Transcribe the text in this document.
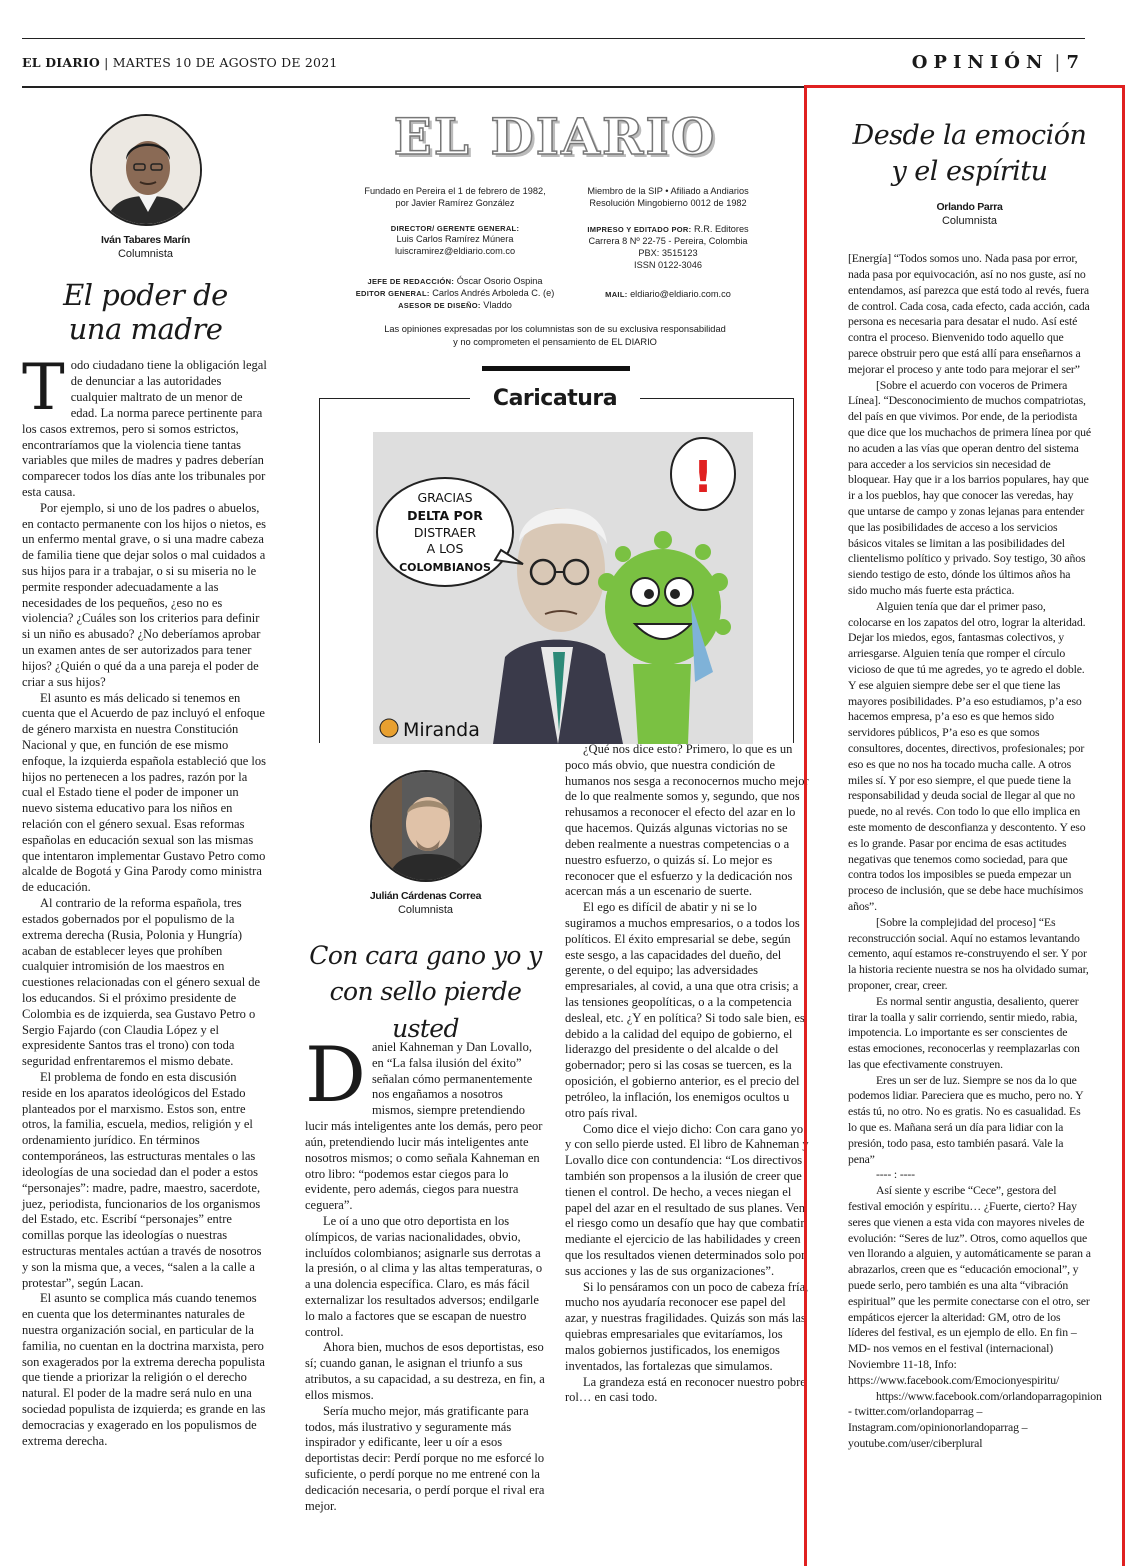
EL DIARIO | MARTES 10 DE AGOSTO DE 2021	OPINIÓN | 7
Iván Tabares Marín
Columnista
El poder de
una madre

Todo ciudadano tiene la obligación legal de denunciar a las autoridades cualquier maltrato de un menor de edad. La norma parece pertinente para los casos extremos, pero si somos estrictos, encontraríamos que la violencia tiene tantas variables que miles de madres y padres deberían comparecer todos los días ante los tribunales por esta causa.

Por ejemplo, si uno de los padres o abuelos, en contacto permanente con los hijos o nietos, es un enfermo mental grave, o si una madre cabeza de familia tiene que dejar solos o mal cuidados a sus hijos para ir a trabajar, o si su miseria no le permite responder adecuadamente a las necesidades de los pequeños, ¿eso no es violencia? ¿Cuáles son los criterios para definir si un niño es abusado? ¿No deberíamos aprobar un examen antes de ser autorizados para tener hijos? ¿Quién o qué da a una pareja el poder de criar a sus hijos?

El asunto es más delicado si tenemos en cuenta que el Acuerdo de paz incluyó el enfoque de género marxista en nuestra Constitución Nacional y que, en función de ese mismo enfoque, la izquierda española estableció que los hijos no pertenecen a los padres, razón por la cual el Estado tiene el poder de imponer un nuevo sistema educativo para los niños en relación con el género sexual. Esas reformas españolas en educación sexual son las mismas que intentaron implementar Gustavo Petro como alcalde de Bogotá y Gina Parody como ministra de educación.

Al contrario de la reforma española, tres estados gobernados por el populismo de la extrema derecha (Rusia, Polonia y Hungría) acaban de establecer leyes que prohíben cualquier intromisión de los maestros en cuestiones relacionadas con el género sexual de los educandos. Si el próximo presidente de Colombia es de izquierda, sea Gustavo Petro o Sergio Fajardo (con Claudia López y el expresidente Santos tras el trono) con toda seguridad enfrentaremos el mismo debate.

El problema de fondo en esta discusión reside en los aparatos ideológicos del Estado planteados por el marxismo. Estos son, entre otros, la familia, escuela, medios, religión y el ordenamiento jurídico. En términos contemporáneos, las estructuras mentales o las ideologías de una sociedad dan el poder a estos “personajes”: madre, padre, maestro, sacerdote, juez, periodista, funcionarios de los organismos del Estado, etc. Escribí “personajes” entre comillas porque las ideologías o nuestras estructuras mentales actúan a través de nosotros y son la misma que, a veces, “salen a la calle a protestar”, según Lacan.

El asunto se complica más cuando tenemos en cuenta que los determinantes naturales de nuestra organización social, en particular de la familia, no cuentan en la doctrina marxista, pero son exagerados por la extrema derecha populista que tiende a priorizar la religión o el derecho natural. El poder de la madre será nulo en una sociedad populista de izquierda; es grande en las democracias y exagerado en los populismos de extrema derecha.

EL DIARIO
Fundado en Pereira el 1 de febrero de 1982,
por Javier Ramírez González
Miembro de la SIP • Afiliado a Andiarios
Resolución Mingobierno 0012 de 1982
DIRECTOR/ GERENTE GENERAL:
Luis Carlos Ramírez Múnera
luiscramirez@eldiario.com.co
IMPRESO Y EDITADO POR: R.R. Editores
Carrera 8 Nº 22-75 - Pereira, Colombia
PBX: 3515123
ISSN 0122-3046
JEFE DE REDACCIÓN: Óscar Osorio Ospina
EDITOR GENERAL: Carlos Andrés Arboleda C. (e)
ASESOR DE DISEÑO: Vladdo
MAIL: eldiario@eldiario.com.co
Las opiniones expresadas por los columnistas son de su exclusiva responsabilidad
y no comprometen el pensamiento de EL DIARIO
Caricatura
GRACIAS
DELTA POR
DISTRAER
A LOS
COLOMBIANOS
!
Miranda
Julián Cárdenas Correa
Columnista
Con cara gano yo y
con sello pierde usted

Daniel Kahneman y Dan Lovallo, en “La falsa ilusión del éxito” señalan cómo permanentemente nos engañamos a nosotros mismos, siempre pretendiendo lucir más inteligentes ante los demás, pero peor aún, pretendiendo lucir más inteligentes ante nosotros mismos; o como señala Kahneman en otro libro: “podemos estar ciegos para lo evidente, pero además, ciegos para nuestra ceguera”.

Le oí a uno que otro deportista en los olímpicos, de varias nacionalidades, obvio, incluídos colombianos; asignarle sus derrotas a la presión, o al clima y las altas temperaturas, o a una dolencia específica. Claro, es más fácil externalizar los resultados adversos; endilgarle lo malo a factores que se escapan de nuestro control.

Ahora bien, muchos de esos deportistas, eso sí; cuando ganan, le asignan el triunfo a sus atributos, a su capacidad, a su destreza, en fin, a ellos mismos.

Sería mucho mejor, más gratificante para todos, más ilustrativo y seguramente más inspirador y edificante, leer u oír a esos deportistas decir: Perdí porque no me esforcé lo suficiente, o perdí porque no me entrené con la dedicación necesaria, o perdí porque el rival era mejor.

¿Qué nos dice esto? Primero, lo que es un poco más obvio, que nuestra condición de humanos nos sesga a reconocernos mucho mejor de lo que realmente somos y, segundo, que nos rehusamos a reconocer el efecto del azar en lo que hacemos. Quizás algunas victorias no se deben realmente a nuestras competencias o a nuestro esfuerzo, o quizás sí. Lo mejor es reconocer que el esfuerzo y la dedicación nos acercan más a un escenario de suerte.

El ego es difícil de abatir y ni se lo sugiramos a muchos empresarios, o a todos los políticos. El éxito empresarial se debe, según este sesgo, a las capacidades del dueño, del gerente, o del equipo; las adversidades empresariales, al covid, a una que otra crisis; a las tensiones geopolíticas, o a la competencia desleal, etc. ¿Y en política? Si todo sale bien, es debido a la calidad del equipo de gobierno, el liderazgo del presidente o del alcalde o del gobernador; pero si las cosas se tuercen, es la oposición, el gobierno anterior, es el precio del petróleo, la inflación, los enemigos ocultos u otro país rival.

Como dice el viejo dicho: Con cara gano yo y con sello pierde usted. El libro de Kahneman y Lovallo dice con contundencia: “Los directivos también son propensos a la ilusión de creer que tienen el control. De hecho, a veces niegan el papel del azar en el resultado de sus planes. Ven el riesgo como un desafío que hay que combatir mediante el ejercicio de las habilidades y creen que los resultados vienen determinados solo por sus acciones y las de sus organizaciones”.

Si lo pensáramos con un poco de cabeza fría, mucho nos ayudaría reconocer ese papel del azar, y nuestras fragilidades. Quizás son más las quiebras empresariales que evitaríamos, los malos gobiernos justificados, los enemigos inventados, las fortalezas que simulamos.

La grandeza está en reconocer nuestro pobre rol… en casi todo.

Desde la emoción
y el espíritu
Orlando Parra
Columnista

[Energía] “Todos somos uno. Nada pasa por error, nada pasa por equivocación, así no nos guste, así no entendamos, así parezca que está todo al revés, fuera de control. Cada cosa, cada efecto, cada acción, cada persona es necesaria para desatar el nudo. Así esté contra el proceso. Bienvenido todo aquello que parece obstruir pero que está allí para enseñarnos a mejorar el proceso y ante todo para mejorar el ser”

[Sobre el acuerdo con voceros de Primera Línea]. “Desconocimiento de muchos compatriotas, del país en que vivimos. Por ende, de la periodista que dice que los muchachos de primera línea por qué no acuden a las vías que operan dentro del sistema para acceder a los servicios sin necesidad de bloquear. Hay que ir a los barrios populares, hay que ir a los pueblos, hay que conocer las veredas, hay que untarse de campo y zonas lejanas para entender que las posibilidades de acceso a los servicios básicos vitales se limitan a las posibilidades del clientelismo político y privado. Soy testigo, 30 años siendo testigo de esto, dónde los últimos años ha sido mucho más fuerte esta práctica.

Alguien tenía que dar el primer paso, colocarse en los zapatos del otro, lograr la alteridad. Dejar los miedos, egos, fantasmas colectivos, y arriesgarse. Alguien tenía que romper el círculo vicioso de que tú me agredes, yo te agredo el doble. Y ese alguien siempre debe ser el que tiene las mayores posibilidades. P’a eso estudiamos, p’a eso hacemos empresa, p’a eso es que hemos sido servidores públicos, P’a eso es que somos consultores, docentes, directivos, profesionales; por eso es que no nos ha tocado mucha calle. A otros miles sí. Y por eso siempre, el que puede tiene la responsabilidad y deuda social de llegar al que no puede, no al revés. Con todo lo que ello implica en este momento de desconfianza y descontento. Y eso es lo grande. Pasar por encima de esas actitudes negativas que tenemos como sociedad, para que contra todos los imposibles se pueda empezar un proceso de inclusión, que se debe hace muchísimos años”.

[Sobre la complejidad del proceso] “Es reconstrucción social. Aquí no estamos levantando cemento, aquí estamos re-construyendo el ser. Y por la historia reciente nuestra se nos ha olvidado sumar, proponer, crear, creer.

Es normal sentir angustia, desaliento, querer tirar la toalla y salir corriendo, sentir miedo, rabia, impotencia. Lo importante es ser conscientes de estas emociones, reconocerlas y reemplazarlas con las que efectivamente construyen.

Eres un ser de luz. Siempre se nos da lo que podemos lidiar. Pareciera que es mucho, pero no. Y estás tú, no otro. No es gratis. No es casualidad. Es lo que es. Mañana será un día para lidiar con la presión, todo pasa, esto también pasará. Vale la pena”

---- : ----

Así siente y escribe “Cece”, gestora del festival emoción y espíritu… ¿Fuerte, cierto? Hay seres que vienen a esta vida con mayores niveles de evolución: “Seres de luz”. Otros, como aquellos que ven llorando a alguien, y automáticamente se paran a abrazarlos, creen que es “educación emocional”, y puede serlo, pero también es una alta “vibración espiritual” que les permite conectarse con el otro, ser empáticos ejercer la alteridad: GM, otro de los líderes del festival, es un ejemplo de ello. En fin –MD- nos vemos en el festival (internacional) Noviembre 11-18, Info: https://www.facebook.com/Emocionyespiritu/

https://www.facebook.com/orlandoparragopinion - twitter.com/orlandoparrag – Instagram.com/opinionorlandoparrag – youtube.com/user/ciberplural
